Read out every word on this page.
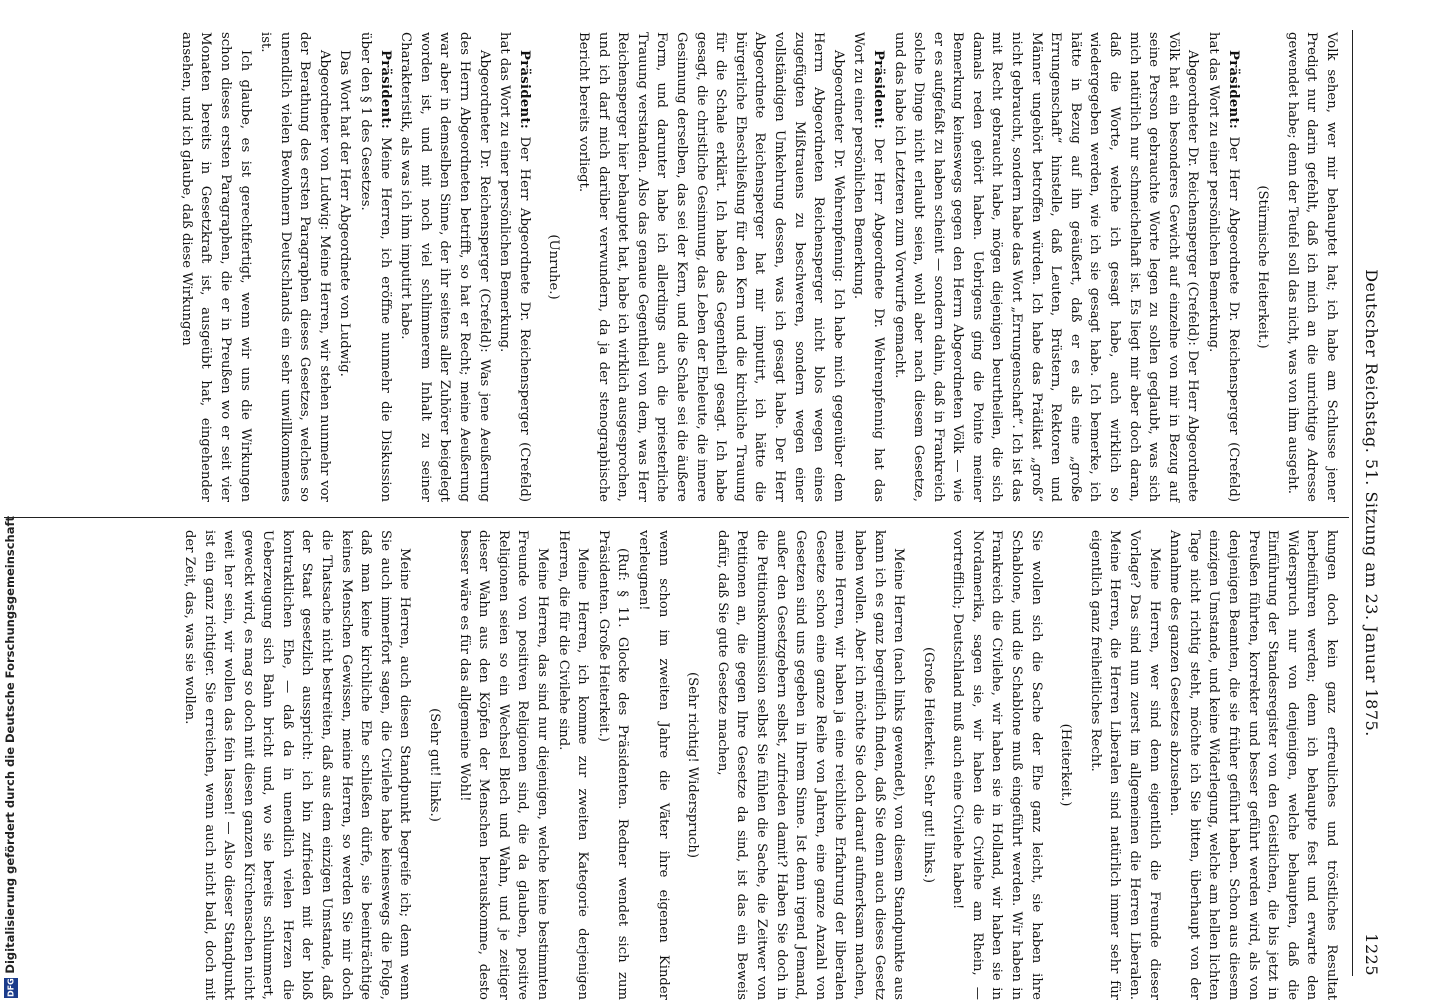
Deutscher Reichstag. 51. Sitzung am 23. Januar 1875.
1225

Volk sehen, wer mir behauptet hat; ich habe am Schlusse jener Predigt nur darin gefehlt, daß ich mich an die unrichtige Adresse gewendet habe; denn der Teufel soll das nicht, was von ihm ausgeht.

(Stürmische Heiterkeit.)

Präsident: Der Herr Abgeordnete Dr. Reichensperger (Crefeld) hat das Wort zu einer persönlichen Bemerkung.

Abgeordneter Dr. Reichensperger (Crefeld): Der Herr Abgeordnete Völk hat ein besonderes Gewicht auf einzelne von mir in Bezug auf seine Person gebrauchte Worte legen zu sollen geglaubt, was sich mich natürlich nur schmeichelhaft ist. Es liegt mir aber doch daran, daß die Worte, welche ich gesagt habe, auch wirklich so wiedergegeben werden, wie ich sie gesagt habe. Ich bemerke, ich hätte in Bezug auf ihn geäußert, daß er es als eine „große Errungenschaft“ hinstelle, daß Leuten, Brüstern, Rektoren und Männer ungehört betroffen würden. Ich habe das Prädikat „groß“ nicht gebraucht, sondern habe das Wort „Errungenschaft“. Ich ist das mit Recht gebraucht habe, mögen diejenigen beurtheilen, die sich damals reden gehört haben. Uebrigens ging die Pointe meiner Bemerkung keineswegs gegen den Herrn Abgeordneten Völk — wie er es aufgefaßt zu haben scheint — sondern dahin, daß in Frankreich solche Dinge nicht erlaubt seien, wohl aber nach diesem Gesetze, und das habe ich Letzteren zum Vorwurfe gemacht.

Präsident: Der Herr Abgeordnete Dr. Wehrenpfennig hat das Wort zu einer persönlichen Bemerkung.

Abgeordneter Dr. Wehrenpfennig: Ich habe mich gegenüber dem Herrn Abgeordneten Reichensperger nicht blos wegen eines zugefügten Mißtrauens zu beschweren, sondern wegen einer vollständigen Umkehrung dessen, was ich gesagt habe. Der Herr Abgeordnete Reichensperger hat mir imputirt, ich hätte die bürgerliche Eheschließung für den Kern und die kirchliche Trauung für die Schale erklärt. Ich habe das Gegentheil gesagt. Ich habe gesagt, die christliche Gesinnung, das Leben der Eheleute, die innere Gesinnung derselben, das sei der Kern, und die Schale sei die äußere Form, und darunter habe ich allerdings auch die priesterliche Trauung verstanden. Also das genaue Gegentheil von dem, was Herr Reichensperger hier behauptet hat, habe ich wirklich ausgesprochen, und ich darf mich darüber verwundern, da ja der stenographische Bericht bereits vorliegt.

(Unruhe.)

Präsident: Der Herr Abgeordnete Dr. Reichensperger (Crefeld) hat das Wort zu einer persönlichen Bemerkung.

Abgeordneter Dr. Reichensperger (Crefeld): Was jene Aeußerung des Herrn Abgeordneten betrifft, so hat er Recht; meine Aeußerung war aber in demselben Sinne, der ihr seitens aller Zuhörer beigelegt worden ist, und mit noch viel schlimmerem Inhalt zu seiner Charakteristik, als was ich ihm imputirt habe.

Präsident: Meine Herren, ich eröffne nunmehr die Diskussion über den § 1 des Gesetzes.

Das Wort hat der Herr Abgeordnete von Ludwig.

Abgeordneter von Ludwig: Meine Herren, wir stehen nunmehr vor der Berathung des ersten Paragraphen dieses Gesetzes, welches so unendlich vielen Bewohnern Deutschlands ein sehr unwillkommenes ist.

Ich glaube, es ist gerechtfertigt, wenn wir uns die Wirkungen schon dieses ersten Paragraphen, die er in Preußen wo er seit vier Monaten bereits in Gesetzkraft ist, ausgeübt hat, eingehender ansehen, und ich glaube, daß diese Wirkungen

kungen doch kein ganz erfreuliches und tröstliches Resultat herbeiführen werden; denn ich behaupte fest und erwarte den Widerspruch nur von denjenigen, welche behaupten, daß die Einführung der Standesregister von den Geistlichen, die bis jetzt in Preußen führten, korrekter und besser geführt werden wird, als von denjenigen Beamten, die sie früher geführt haben. Schon aus diesem einzigen Umstande, und keine Widerlegung, welche am hellen lichten Tage nicht richtig steht, möchte ich Sie bitten, überhaupt von der Annahme des ganzen Gesetzes abzusehen.

Meine Herren, wer sind denn eigentlich die Freunde dieser Vorlage? Das sind nun zuerst im allgemeinen die Herren Liberalen. Meine Herren, die Herren Liberalen sind natürlich immer sehr für eigentlich ganz freiheitliches Recht.

(Heiterkeit.)

Sie wollen sich die Sache der Ehe ganz leicht, sie haben ihre Schablone, und die Schablone muß eingeführt werden. Wir haben in Frankreich die Civilehe, wir haben sie in Holland, wir haben sie in Nordamerika, sagen sie, wir haben die Civilehe am Rhein, — vortrefflich; Deutschland muß auch eine Civilehe haben!

(Große Heiterkeit. Sehr gut! links.)

Meine Herren (nach links gewendet), von diesem Standpunkte aus kann ich es ganz begreiflich finden, daß Sie denn auch dieses Gesetz haben wollen. Aber ich möchte Sie doch darauf aufmerksam machen, meine Herren, wir haben ja eine reichliche Erfahrung der liberalen Gesetze schon eine ganze Reihe von Jahren, eine ganze Anzahl von Gesetzen sind uns gegeben in Ihrem Sinne. Ist denn irgend Jemand, außer den Gesetzgebern selbst, zufrieden damit? Haben Sie doch in die Petitionskommission selbst Sie fühlen die Sache, die Zeitwer von Petitionen an, die gegen Ihre Gesetze da sind, ist das ein Beweis dafür, daß Sie gute Gesetze machen,

(Sehr richtig! Widerspruch)

wenn schon im zweiten Jahre die Väter ihre eigenen Kinder verleugnen!

(Ruf: § 11. Glocke des Präsidenten. Redner wendet sich zum Präsidenten. Große Heiterkeit.)

Meine Herren, ich komme zur zweiten Kategorie derjenigen Herren, die für die Civilehe sind.

Meine Herren, das sind nur diejenigen, welche keine bestimmten Freunde von positiven Religionen sind, die da glauben, positive Religionen seien so ein Wechsel Blech und Wahn, und je zeitiger dieser Wahn aus den Köpfen der Menschen herauskomme, desto besser wäre es für das allgemeine Wohl!

(Sehr gut! links.)

Meine Herren, auch diesen Standpunkt begreife ich; denn wenn Sie auch immerfort sagen, die Civilehe habe keineswegs die Folge, daß man keine kirchliche Ehe schließen dürfe, sie beeinträchtige keines Menschen Gewissen, meine Herren, so werden Sie mir doch die Thatsache nicht bestreiten, daß aus dem einzigen Umstande, daß der Staat gesetzlich ausspricht: ich bin zufrieden mit der bloß kontraktlichen Ehe, — daß da in unendlich vielen Herzen die Ueberzeugung sich Bahn bricht und, wo sie bereits schlummert, geweckt wird, es mag so doch mit diesen ganzen Kirchensachen nicht weit her sein, wir wollen das fein lassen! — Also dieser Standpunkt ist ein ganz richtiger. Sie erreichen, wenn auch nicht bald, doch mit der Zeit, das, was sie wollen.

Digitalisierung gefördert durch die Deutsche Forschungsgemeinschaft
DFG
